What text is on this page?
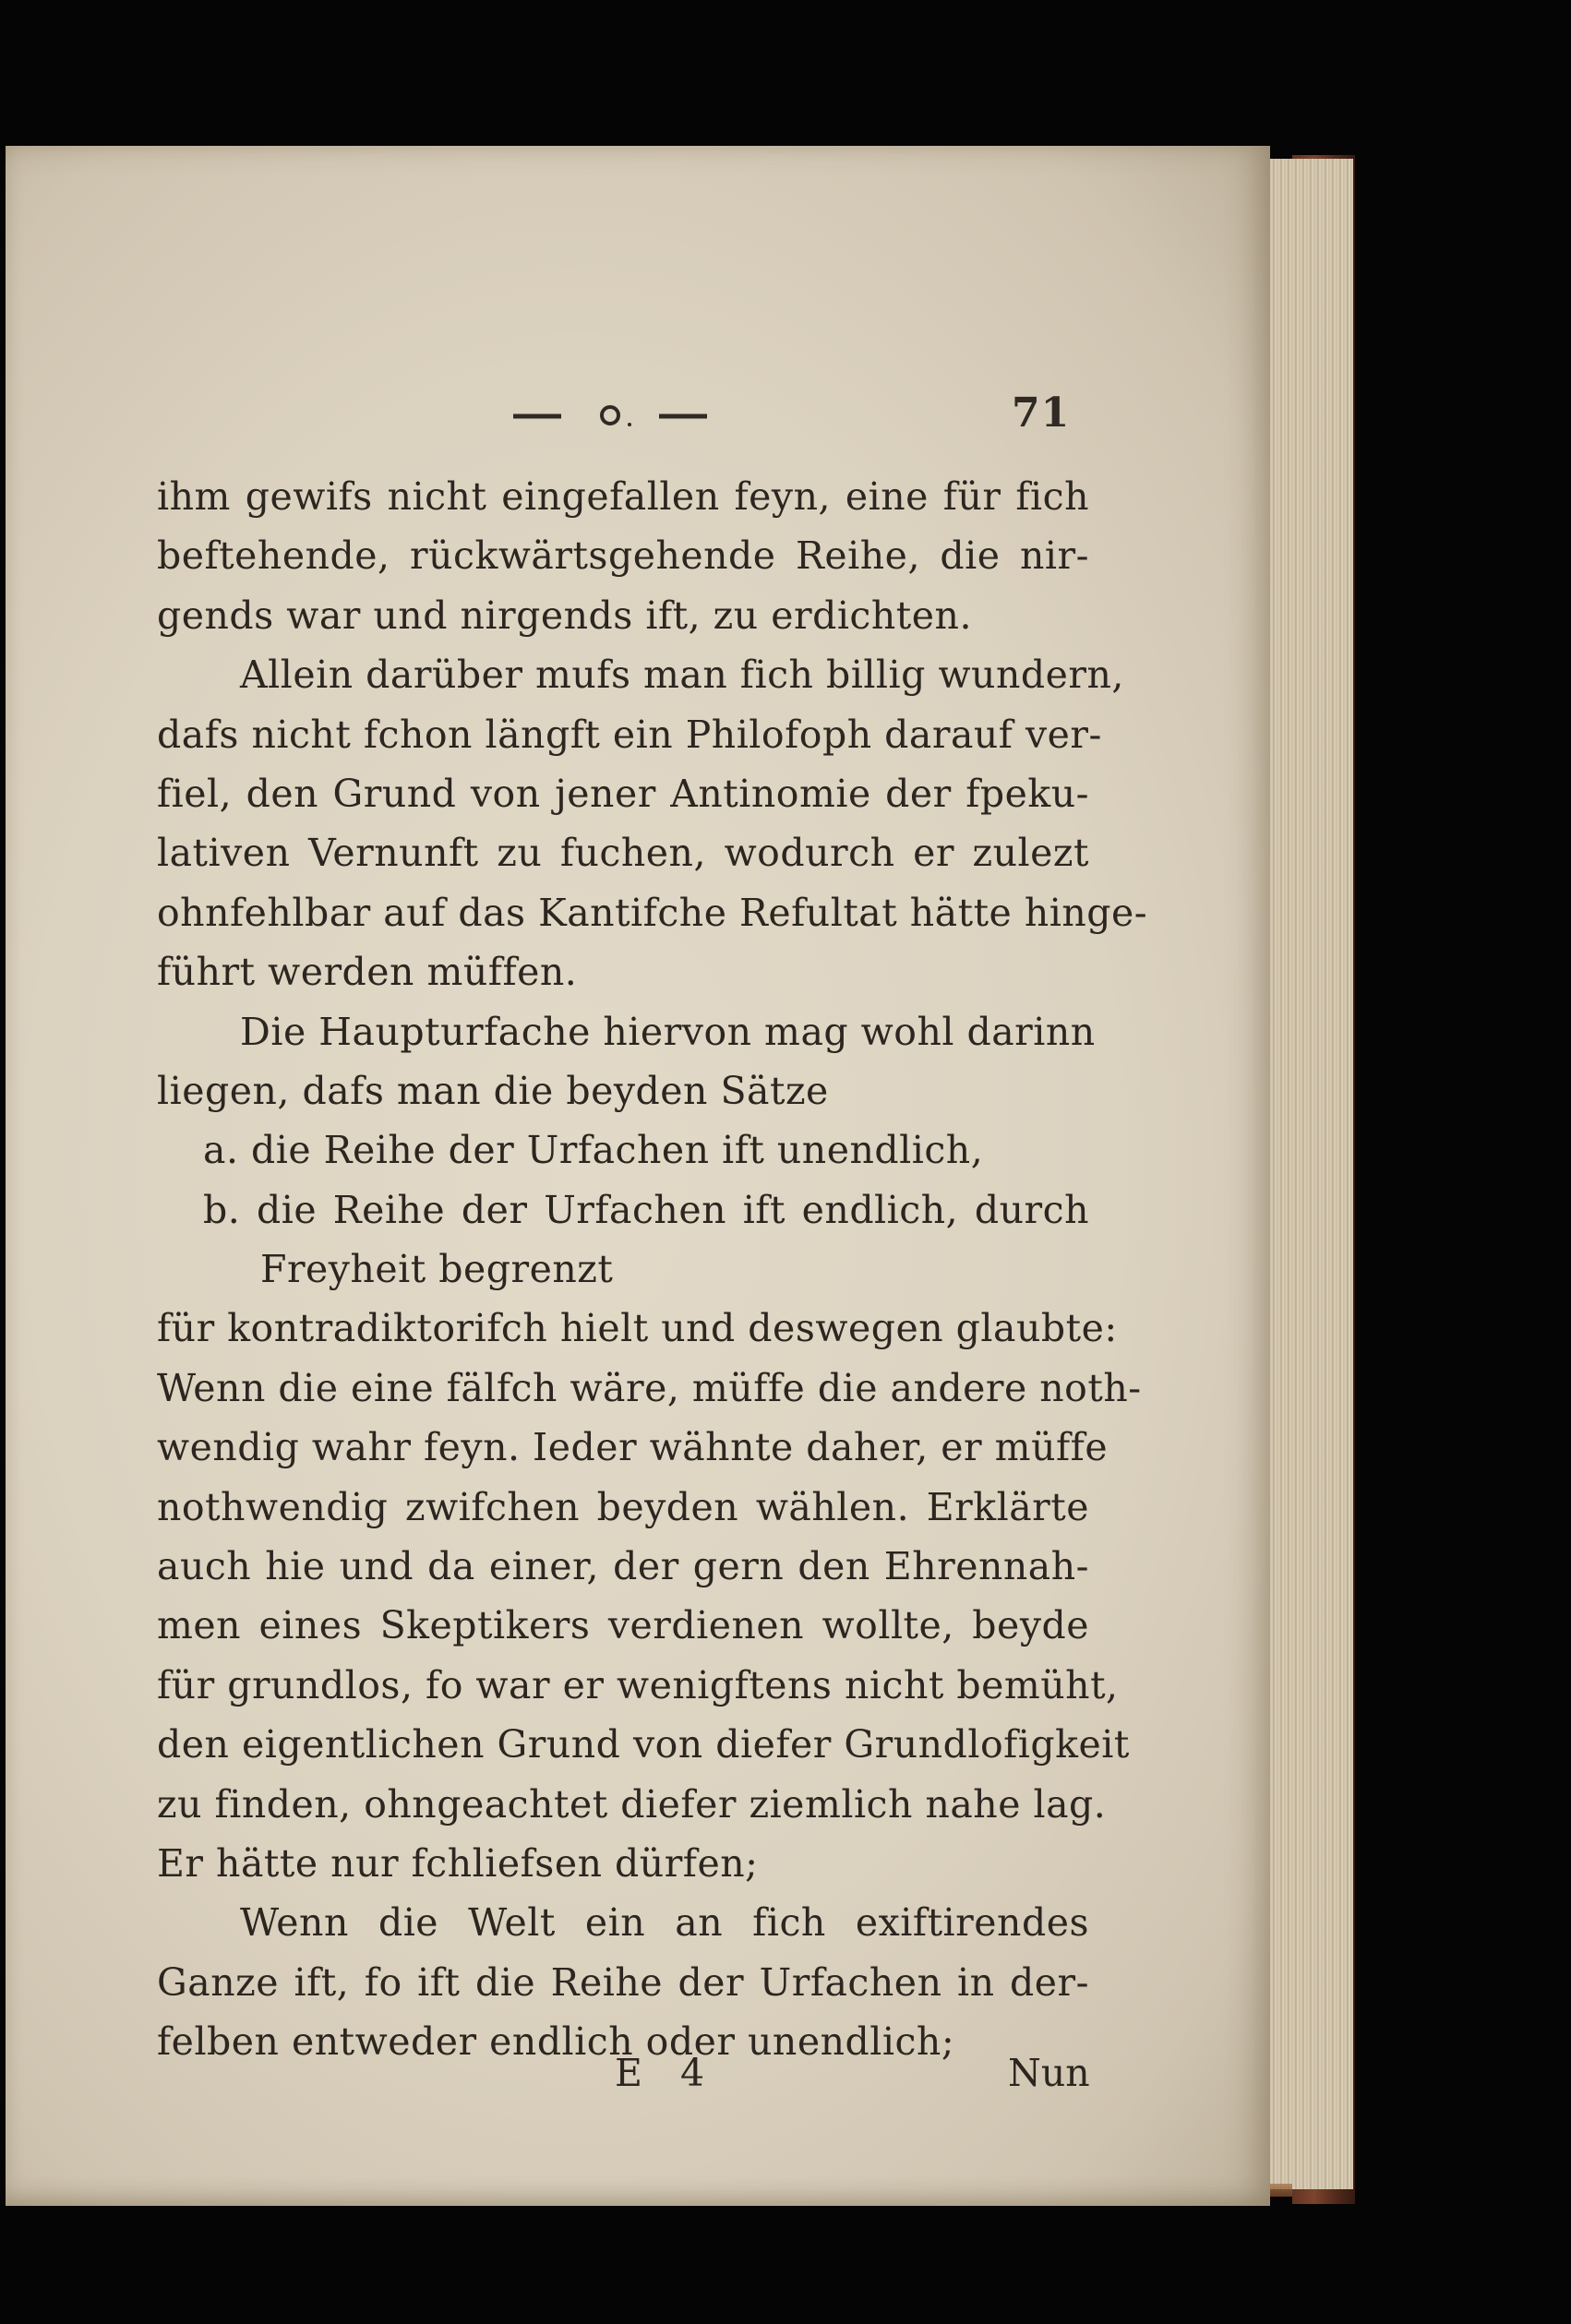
71
ihm gewifs nicht eingefallen feyn, eine für fich
beftehende, rückwärtsgehende Reihe, die nir-
gends war und nirgends ift, zu erdichten.
Allein darüber mufs man fich billig wundern,
dafs nicht fchon längft ein Philofoph darauf ver-
fiel, den Grund von jener Antinomie der fpeku-
lativen Vernunft zu fuchen, wodurch er zulezt
ohnfehlbar auf das Kantifche Refultat hätte hinge-
führt werden müffen.
Die Haupturfache hiervon mag wohl darinn
liegen, dafs man die beyden Sätze
a. die Reihe der Urfachen ift unendlich,
b. die Reihe der Urfachen ift endlich, durch
Freyheit begrenzt
für kontradiktorifch hielt und deswegen glaubte:
Wenn die eine fälfch wäre, müffe die andere noth-
wendig wahr feyn. Ieder wähnte daher, er müffe
nothwendig zwifchen beyden wählen. Erklärte
auch hie und da einer, der gern den Ehrennah-
men eines Skeptikers verdienen wollte, beyde
für grundlos, fo war er wenigftens nicht bemüht,
den eigentlichen Grund von diefer Grundlofigkeit
zu finden, ohngeachtet diefer ziemlich nahe lag.
Er hätte nur fchliefsen dürfen;
Wenn die Welt ein an fich exiftirendes
Ganze ift, fo ift die Reihe der Urfachen in der-
felben entweder endlich oder unendlich;
E 4	Nun
